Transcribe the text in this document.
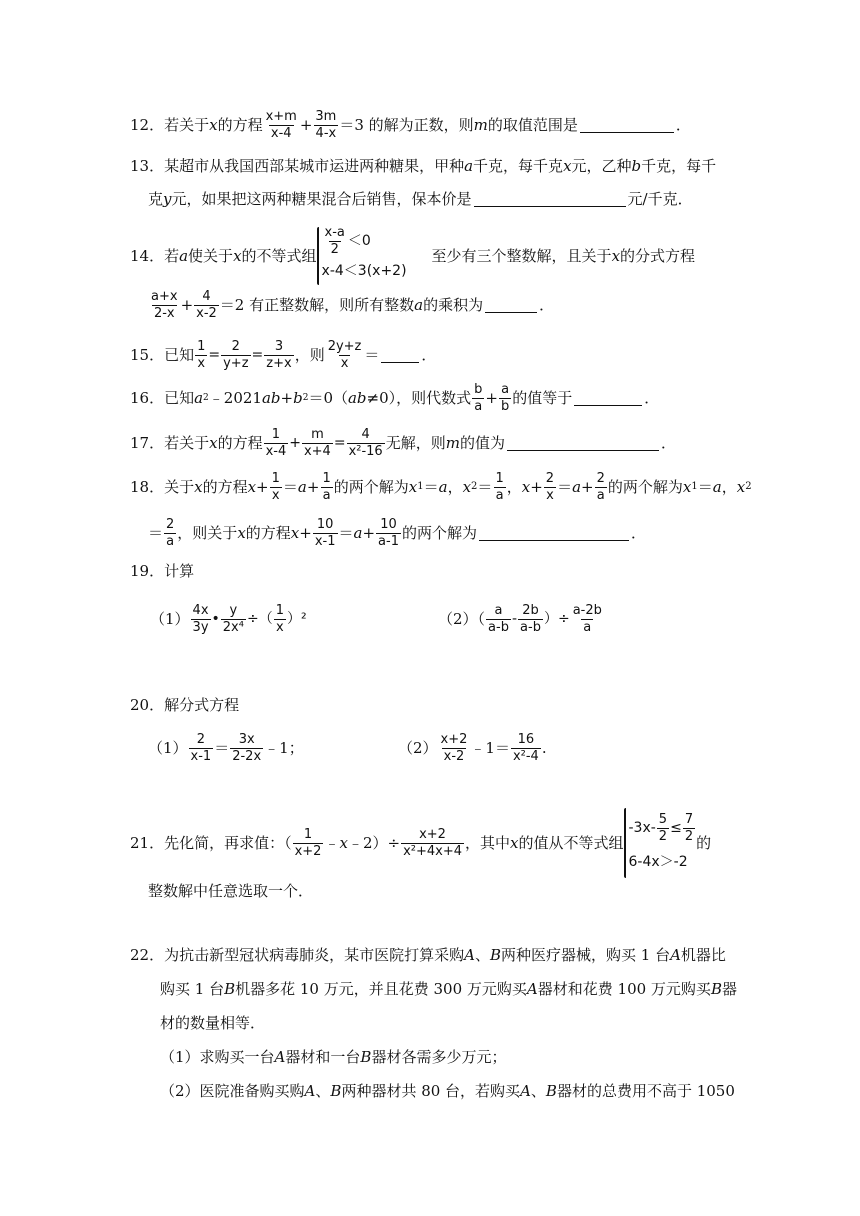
12．若关于 x 的方程 $\frac{x+m}{x-4} + \frac{3m}{4-x} =3$ 的解为正数，则 m 的取值范围是	．
13．某超市从我国西部某城市运进两种糖果，甲种 a 千克，每千克 x 元，乙种 b 千克，每千
克 y 元，如果把这两种糖果混合后销售，保本价是	元/千克．
14．若 a 使关于 x 的不等式组 $\frac{x-a}{2} <0$
x-4＜3(x+2)
至少有三个整数解，且关于 x 的分式方程
$\frac{a+x}{2-x} + \frac{4}{x-2} =2$ 有正整数解，则所有整数 a 的乘积为	．
15．已知 $\frac{1}{x} = \frac{2}{y+z} = \frac{3}{z+x}$ ，则 $\frac{2y+z}{x}$ ＝	．
16．已知 a 2 ﹣2021 ab + b 2 ＝0（ ab ≠0），则代数式 $\frac{b}{a} + \frac{a}{b}$ 的值等于	．
17．若关于 x 的方程 $\frac{1}{x-4} + \frac{m}{x+4} = \frac{4}{\text{x²-16}}$ 无解，则 m 的值为	．
18．关于 x 的方程 $x + \frac{1}{x} = a + \frac{1}{a}$ 的两个解为 x 1 ＝ a ， x $2 = \frac{1}{a}$ ， $x + \frac{2}{x} = a + \frac{2}{a}$ 的两个解为 x 1 ＝ a ， x 2
＝ $\frac{2}{a}$ ，则关于 x 的方程 $x + \frac{10}{x-1} = a + \frac{10}{a-1}$ 的两个解为	．
19．计算
$(1) \frac{4x}{3y}$ • $\frac{y}{\text{2x⁴}}$ ÷（ $\frac{1}{x} )^2$	$(2)( \frac{a}{a-b} - \frac{2b}{a-b}$ ）÷ $\frac{a-2b}{a}$
20．解分式方程
$(1) \frac{2}{x-1} = \frac{3x}{2-2x}$ ﹣1；	$(2) \frac{x+2}{x-2}$ ﹣1＝ $\frac{16}{\text{x²-4}}$ .
21．先化简，再求值：（ $\frac{1}{x+2}$ ﹣ x ﹣2）÷ $\frac{x+2}{\text{x²+4x+4}}$ ，其中 x 的值从不等式组
$-3x- \frac{5}{2} \le \frac{7}{2}$
6-4x＞-2
的
整数解中任意选取一个．
22．为抗击新型冠状病毒肺炎，某市医院打算采购 A 、 B 两种医疗器械，购买 1 台 A 机器比
购买 1 台 B 机器多花 10 万元，并且花费 300 万元购买 A 器材和花费 100 万元购买 B 器
材的数量相等．
（1）求购买一台 A 器材和一台 B 器材各需多少万元；
（2）医院准备购买购 A 、 B 两种器材共 80 台，若购买 A 、 B 器材的总费用不高于 1050
